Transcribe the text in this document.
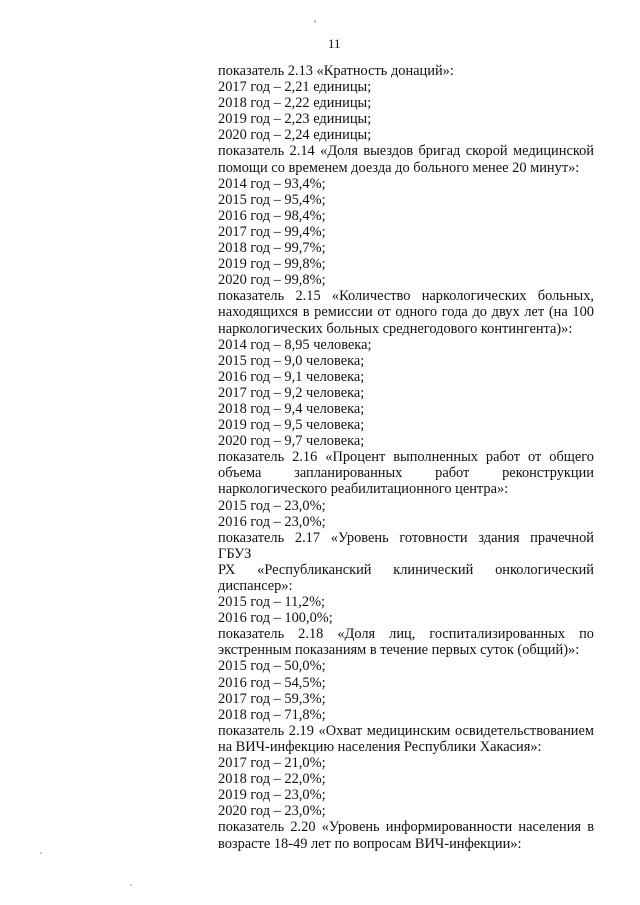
11
показатель 2.13 «Кратность донаций»:
2017 год – 2,21 единицы;
2018 год – 2,22 единицы;
2019 год – 2,23 единицы;
2020 год – 2,24 единицы;
показатель 2.14 «Доля выездов бригад скорой медицинской
помощи со временем доезда до больного менее 20 минут»:
2014 год – 93,4%;
2015 год – 95,4%;
2016 год – 98,4%;
2017 год – 99,4%;
2018 год – 99,7%;
2019 год – 99,8%;
2020 год – 99,8%;
показатель 2.15 «Количество наркологических больных,
находящихся в ремиссии от одного года до двух лет (на 100
наркологических больных среднегодового контингента)»:
2014 год – 8,95 человека;
2015 год – 9,0 человека;
2016 год – 9,1 человека;
2017 год – 9,2 человека;
2018 год – 9,4 человека;
2019 год – 9,5 человека;
2020 год – 9,7 человека;
показатель 2.16 «Процент выполненных работ от общего
объема запланированных работ реконструкции
наркологического реабилитационного центра»:
2015 год – 23,0%;
2016 год – 23,0%;
показатель 2.17 «Уровень готовности здания прачечной ГБУЗ
РХ «Республиканский клинический онкологический
диспансер»:
2015 год – 11,2%;
2016 год – 100,0%;
показатель 2.18 «Доля лиц, госпитализированных по
экстренным показаниям в течение первых суток (общий)»:
2015 год – 50,0%;
2016 год – 54,5%;
2017 год – 59,3%;
2018 год – 71,8%;
показатель 2.19 «Охват медицинским освидетельствованием
на ВИЧ-инфекцию населения Республики Хакасия»:
2017 год – 21,0%;
2018 год – 22,0%;
2019 год – 23,0%;
2020 год – 23,0%;
показатель 2.20 «Уровень информированности населения в
возрасте 18-49 лет по вопросам ВИЧ-инфекции»:
